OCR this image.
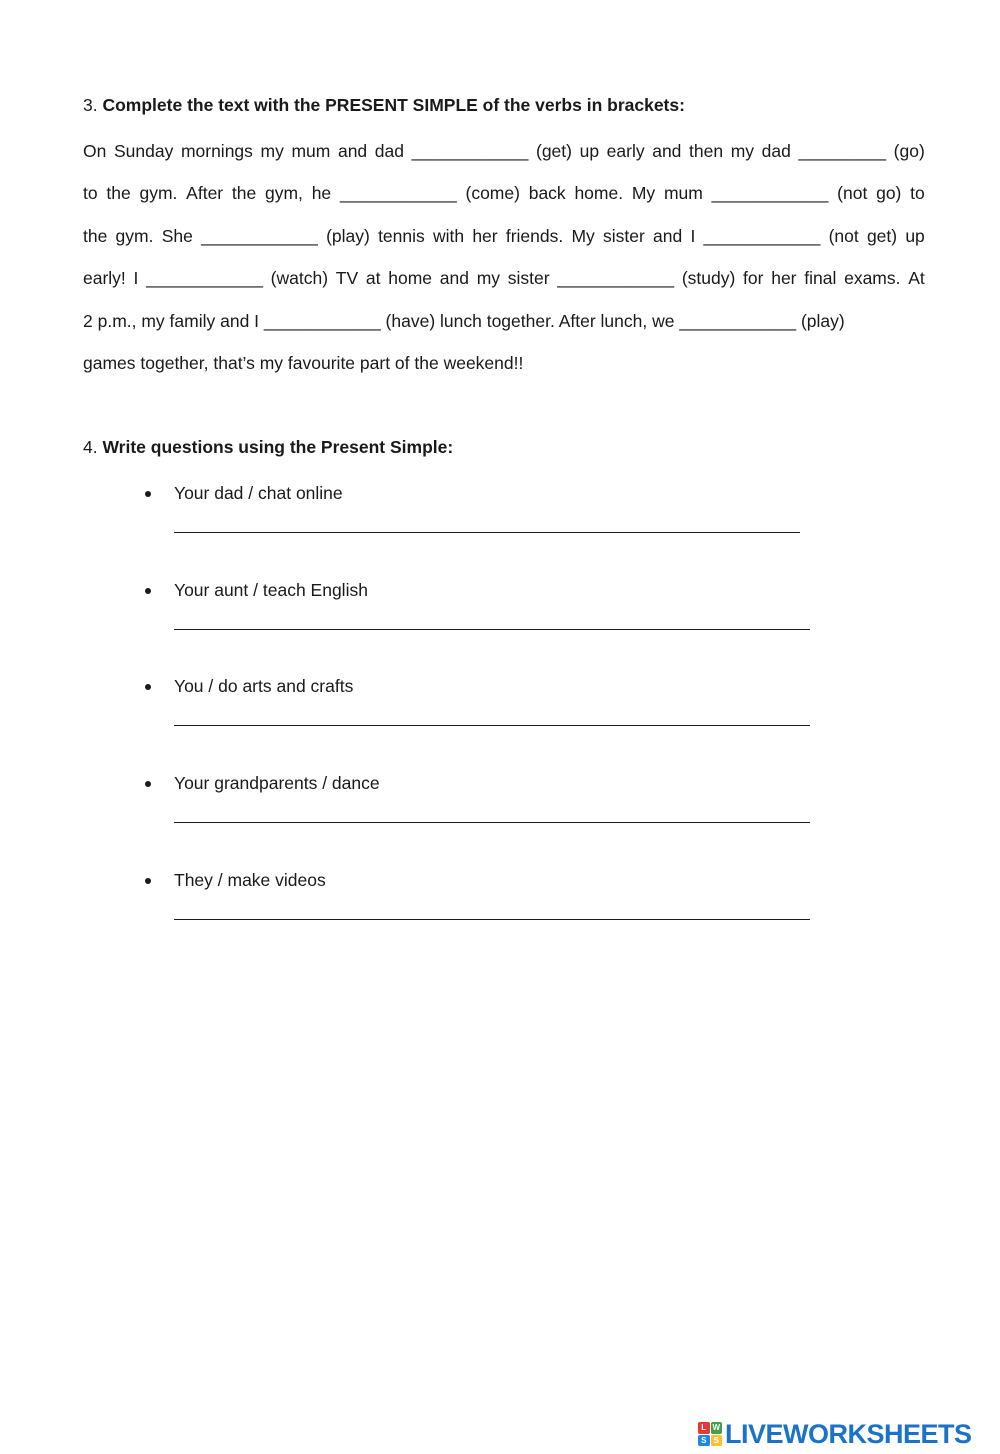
3. Complete the text with the PRESENT SIMPLE of the verbs in brackets:
On Sunday mornings my mum and dad ____________ (get) up early and then my dad _________ (go)
to the gym. After the gym, he ____________ (come) back home. My mum ____________ (not go) to
the gym. She ____________ (play) tennis with her friends. My sister and I ____________ (not get) up
early! I ____________ (watch) TV at home and my sister ____________ (study) for her final exams. At
2 p.m., my family and I ____________ (have) lunch together. After lunch, we ____________ (play)
games together, that’s my favourite part of the weekend!!
4. Write questions using the Present Simple:
Your dad / chat online
Your aunt / teach English
You / do arts and crafts
Your grandparents / dance
They / make videos
L W
S S LIVEWORKSHEETS
